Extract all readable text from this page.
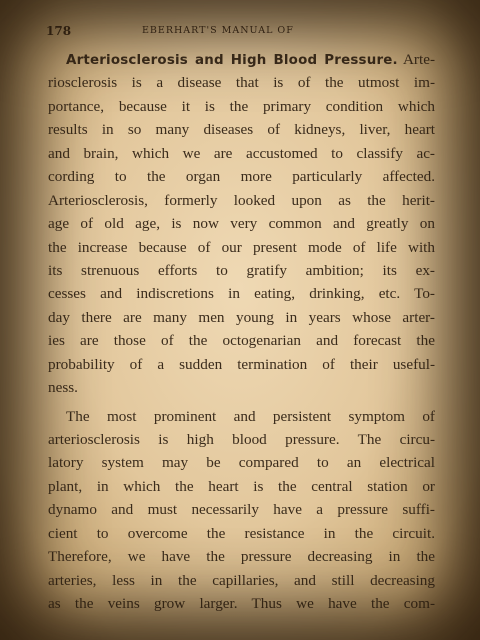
178	EBERHART'S MANUAL OF
Arteriosclerosis and High Blood Pressure. Arte-
riosclerosis is a disease that is of the utmost im-
portance, because it is the primary condition which
results in so many diseases of kidneys, liver, heart
and brain, which we are accustomed to classify ac-
cording to the organ more particularly affected.
Arteriosclerosis, formerly looked upon as the herit-
age of old age, is now very common and greatly on
the increase because of our present mode of life with
its strenuous efforts to gratify ambition; its ex-
cesses and indiscretions in eating, drinking, etc. To-
day there are many men young in years whose arter-
ies are those of the octogenarian and forecast the
probability of a sudden termination of their useful-
ness.
The most prominent and persistent symptom of
arteriosclerosis is high blood pressure. The circu-
latory system may be compared to an electrical
plant, in which the heart is the central station or
dynamo and must necessarily have a pressure suffi-
cient to overcome the resistance in the circuit.
Therefore, we have the pressure decreasing in the
arteries, less in the capillaries, and still decreasing
as the veins grow larger. Thus we have the com-
